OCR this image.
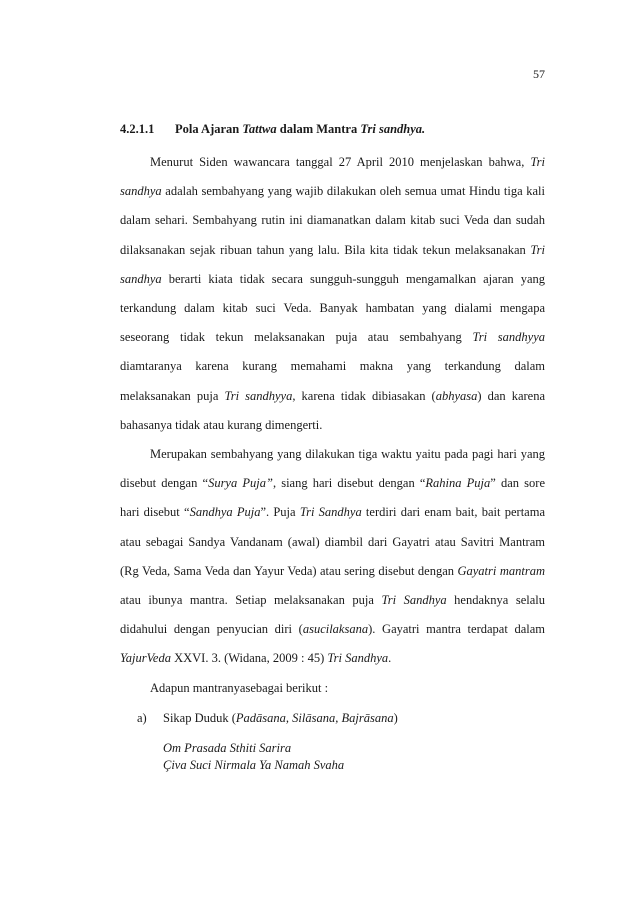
57
4.2.1.1 Pola Ajaran Tattwa dalam Mantra Tri sandhya.

Menurut Siden wawancara tanggal 27 April 2010 menjelaskan bahwa, Tri sandhya adalah sembahyang yang wajib dilakukan oleh semua umat Hindu tiga kali dalam sehari. Sembahyang rutin ini diamanatkan dalam kitab suci Veda dan sudah dilaksanakan sejak ribuan tahun yang lalu. Bila kita tidak tekun melaksanakan Tri sandhya berarti kiata tidak secara sungguh-sungguh mengamalkan ajaran yang terkandung dalam kitab suci Veda. Banyak hambatan yang dialami mengapa seseorang tidak tekun melaksanakan puja atau sembahyang Tri sandhyya diamtaranya karena kurang memahami makna yang terkandung dalam melaksanakan puja Tri sandhyya, karena tidak dibiasakan (abhyasa) dan karena bahasanya tidak atau kurang dimengerti.

Merupakan sembahyang yang dilakukan tiga waktu yaitu pada pagi hari yang disebut dengan “Surya Puja”, siang hari disebut dengan “Rahina Puja” dan sore hari disebut “Sandhya Puja”. Puja Tri Sandhya terdiri dari enam bait, bait pertama atau sebagai Sandya Vandanam (awal) diambil dari Gayatri atau Savitri Mantram (Rg Veda, Sama Veda dan Yayur Veda) atau sering disebut dengan Gayatri mantram atau ibunya mantra. Setiap melaksanakan puja Tri Sandhya hendaknya selalu didahului dengan penyucian diri (asucilaksana). Gayatri mantra terdapat dalam YajurVeda XXVI. 3. (Widana, 2009 : 45) Tri Sandhya.

Adapun mantranyasebagai berikut :
a) Sikap Duduk (Padāsana, Silāsana, Bajrāsana)
Om Prasada Sthiti Sarira
Çiva Suci Nirmala Ya Namah Svaha
